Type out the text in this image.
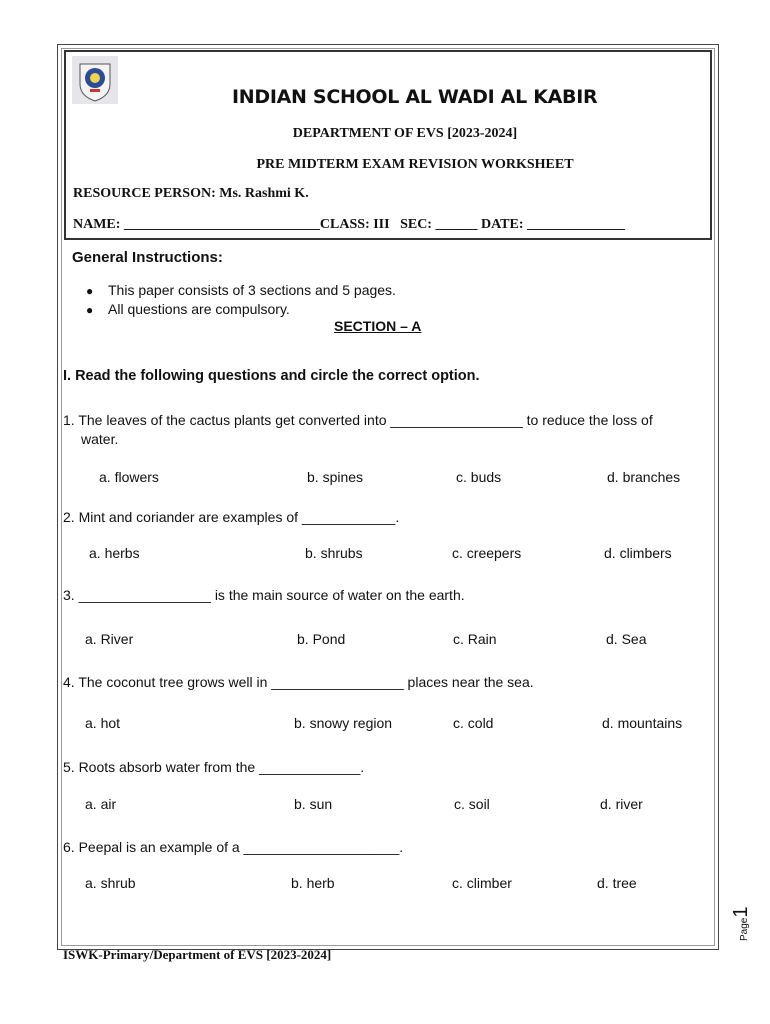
INDIAN SCHOOL AL WADI AL KABIR
DEPARTMENT OF EVS [2023-2024]
PRE MIDTERM EXAM REVISION WORKSHEET
RESOURCE PERSON: Ms. Rashmi K.
NAME: ____________________________CLASS: III   SEC: ______ DATE: ______________
General Instructions:
● This paper consists of 3 sections and 5 pages.
● All questions are compulsory.
SECTION – A
I. Read the following questions and circle the correct option.
1. The leaves of the cactus plants get converted into _________________ to reduce the loss of
water.
a. flowers	b. spines	c. buds	d. branches
2. Mint and coriander are examples of ____________.
a. herbs	b. shrubs	c. creepers	d. climbers
3. _________________ is the main source of water on the earth.
a. River	b. Pond	c. Rain	d. Sea
4. The coconut tree grows well in _________________ places near the sea.
a. hot	b. snowy region	c. cold	d. mountains
5. Roots absorb water from the _____________.
a. air	b. sun	c. soil	d. river
6. Peepal is an example of a ____________________.
a. shrub	b. herb	c. climber	d. tree
ISWK-Primary/Department of EVS [2023-2024]
Page1
